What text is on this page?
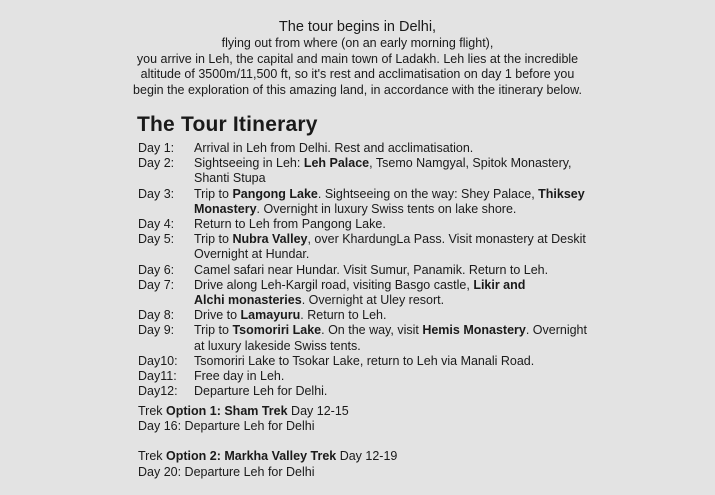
The tour begins in Delhi,
flying out from where (on an early morning flight),
you arrive in Leh, the capital and main town of Ladakh. Leh lies at the incredible
altitude of 3500m/11,500 ft, so it's rest and acclimatisation on day 1 before you
begin the exploration of this amazing land, in accordance with the itinerary below.
The Tour Itinerary
Day 1:	Arrival in Leh from Delhi. Rest and acclimatisation.
Day 2:	Sightseeing in Leh: Leh Palace, Tsemo Namgyal, Spitok Monastery,
Shanti Stupa
Day 3:	Trip to Pangong Lake. Sightseeing on the way: Shey Palace, Thiksey
Monastery. Overnight in luxury Swiss tents on lake shore.
Day 4:	Return to Leh from Pangong Lake.
Day 5:	Trip to Nubra Valley, over KhardungLa Pass. Visit monastery at Deskit
Overnight at Hundar.
Day 6:	Camel safari near Hundar. Visit Sumur, Panamik. Return to Leh.
Day 7:	Drive along Leh-Kargil road, visiting Basgo castle, Likir and
Alchi monasteries. Overnight at Uley resort.
Day 8:	Drive to Lamayuru. Return to Leh.
Day 9:	Trip to Tsomoriri Lake. On the way, visit Hemis Monastery. Overnight
at luxury lakeside Swiss tents.
Day10:	Tsomoriri Lake to Tsokar Lake, return to Leh via Manali Road.
Day11:	Free day in Leh.
Day12:	Departure Leh for Delhi.
Trek Option 1: Sham Trek Day 12-15
Day 16: Departure Leh for Delhi
Trek Option 2: Markha Valley Trek Day 12-19
Day 20: Departure Leh for Delhi
